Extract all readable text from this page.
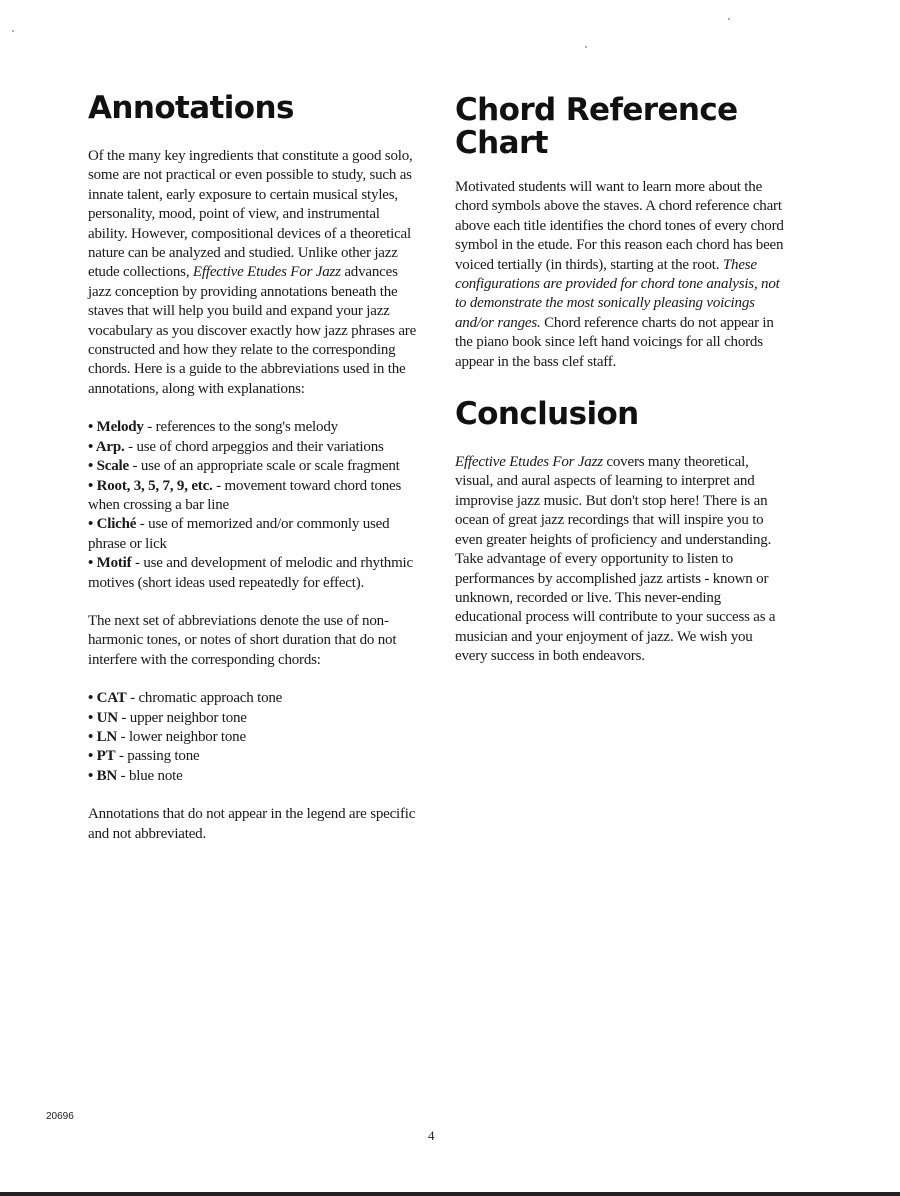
Annotations

Of the many key ingredients that constitute a good solo, some are not practical or even possible to study, such as innate talent, early exposure to certain musical styles, personality, mood, point of view, and instrumental ability. However, compositional devices of a theoretical nature can be analyzed and studied. Unlike other jazz etude collections, Effective Etudes For Jazz advances jazz conception by providing annotations beneath the staves that will help you build and expand your jazz vocabulary as you discover exactly how jazz phrases are constructed and how they relate to the corresponding chords. Here is a guide to the abbreviations used in the annotations, along with explanations:

• Melody - references to the song's melody
• Arp. - use of chord arpeggios and their variations
• Scale - use of an appropriate scale or scale fragment
• Root, 3, 5, 7, 9, etc. - movement toward chord tones when crossing a bar line
• Cliché - use of memorized and/or commonly used phrase or lick
• Motif - use and development of melodic and rhythmic motives (short ideas used repeatedly for effect).

The next set of abbreviations denote the use of non-harmonic tones, or notes of short duration that do not interfere with the corresponding chords:

• CAT - chromatic approach tone
• UN - upper neighbor tone
• LN - lower neighbor tone
• PT - passing tone
• BN - blue note

Annotations that do not appear in the legend are specific and not abbreviated.

Chord Reference
Chart

Motivated students will want to learn more about the chord symbols above the staves. A chord reference chart above each title identifies the chord tones of every chord symbol in the etude. For this reason each chord has been voiced tertially (in thirds), starting at the root. These configurations are provided for chord tone analysis, not to demonstrate the most sonically pleasing voicings and/or ranges. Chord reference charts do not appear in the piano book since left hand voicings for all chords appear in the bass clef staff.

Conclusion

Effective Etudes For Jazz covers many theoretical, visual, and aural aspects of learning to interpret and improvise jazz music. But don't stop here! There is an ocean of great jazz recordings that will inspire you to even greater heights of proficiency and understanding. Take advantage of every opportunity to listen to performances by accomplished jazz artists - known or unknown, recorded or live. This never-ending educational process will contribute to your success as a musician and your enjoyment of jazz. We wish you every success in both endeavors.

20696
4
